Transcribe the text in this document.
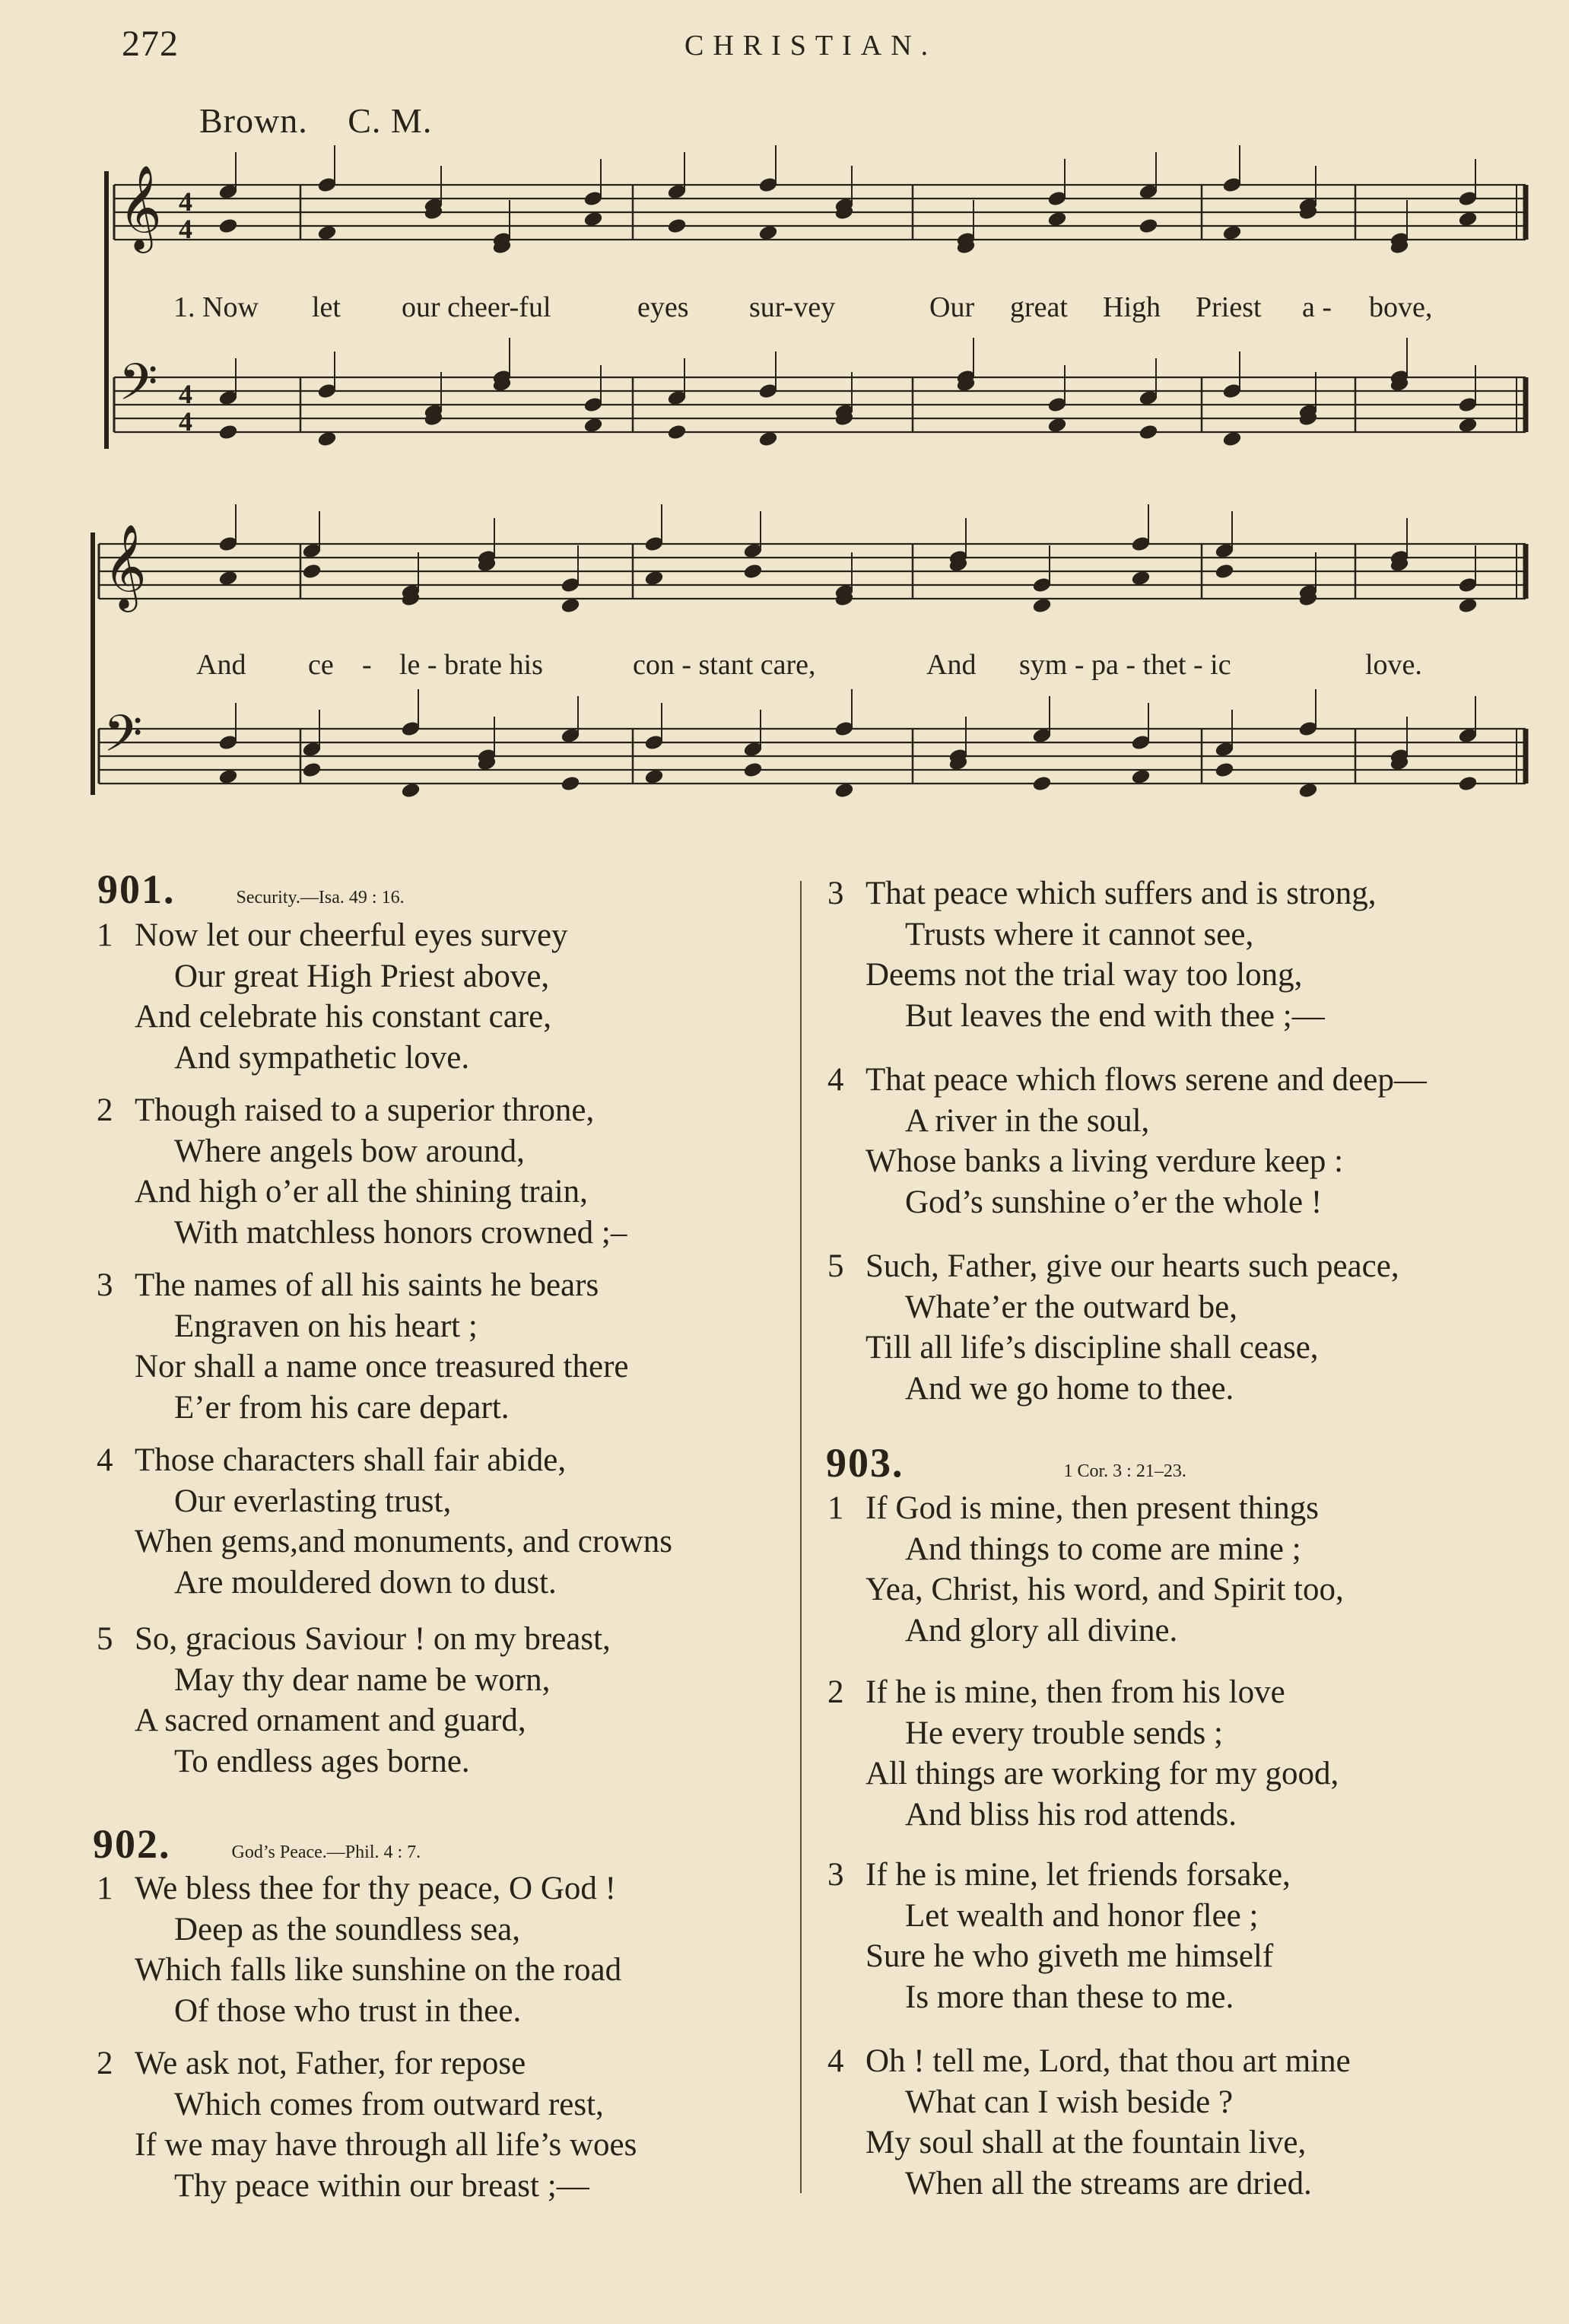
272	CHRISTIAN.
Brown. C. M.
𝄞 4
4
𝄢 4
4
𝄞
𝄢

1. Now

let

our cheer-ful

	eyes

sur-vey

	Our

great

High

Priest

a -

bove,

And

ce

-

le - brate his

	con - stant care,

	And

sym - pa - thet - ic

	love.

901.	Security.—Isa. 49 : 16.
1 Now let our cheerful eyes survey
Our great High Priest above,
And celebrate his constant care,
And sympathetic love.
2 Though raised to a superior throne,
Where angels bow around,
And high o’er all the shining train,
With matchless honors crowned ;–
3 The names of all his saints he bears
Engraven on his heart ;
Nor shall a name once treasured there
E’er from his care depart.
4 Those characters shall fair abide,
Our everlasting trust,
When gems,and monuments, and crowns
Are mouldered down to dust.
5 So, gracious Saviour ! on my breast,
May thy dear name be worn,
A sacred ornament and guard,
To endless ages borne.
902.	God’s Peace.—Phil. 4 : 7.
1 We bless thee for thy peace, O God !
Deep as the soundless sea,
Which falls like sunshine on the road
Of those who trust in thee.
2 We ask not, Father, for repose
Which comes from outward rest,
If we may have through all life’s woes
Thy peace within our breast ;—
3 That peace which suffers and is strong,
Trusts where it cannot see,
Deems not the trial way too long,
But leaves the end with thee ;—
4 That peace which flows serene and deep—
A river in the soul,
Whose banks a living verdure keep :
God’s sunshine o’er the whole !
5 Such, Father, give our hearts such peace,
Whate’er the outward be,
Till all life’s discipline shall cease,
And we go home to thee.
903.	1 Cor. 3 : 21–23.
1 If God is mine, then present things
And things to come are mine ;
Yea, Christ, his word, and Spirit too,
And glory all divine.
2 If he is mine, then from his love
He every trouble sends ;
All things are working for my good,
And bliss his rod attends.
3 If he is mine, let friends forsake,
Let wealth and honor flee ;
Sure he who giveth me himself
Is more than these to me.
4 Oh ! tell me, Lord, that thou art mine
What can I wish beside ?
My soul shall at the fountain live,
When all the streams are dried.
